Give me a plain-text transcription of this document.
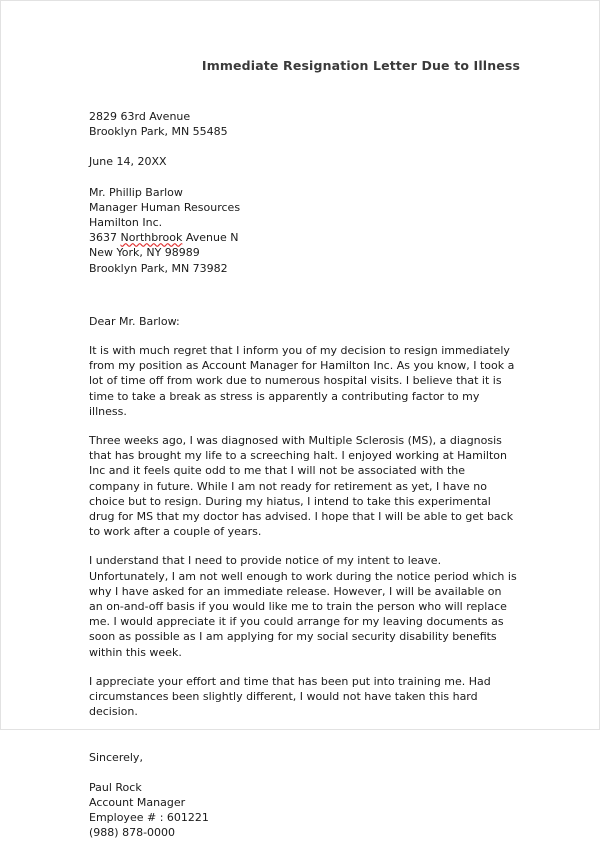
Immediate Resignation Letter Due to Illness
2829 63rd Avenue
Brooklyn Park, MN 55485
June 14, 20XX
Mr. Phillip Barlow
Manager Human Resources
Hamilton Inc.
3637 Northbrook Avenue N
New York, NY 98989
Brooklyn Park, MN 73982
Dear Mr. Barlow:

It is with much regret that I inform you of my decision to resign immediately from my position as Account Manager for Hamilton Inc. As you know, I took a lot of time off from work due to numerous hospital visits. I believe that it is time to take a break as stress is apparently a contributing factor to my illness.

Three weeks ago, I was diagnosed with Multiple Sclerosis (MS), a diagnosis that has brought my life to a screeching halt. I enjoyed working at Hamilton Inc and it feels quite odd to me that I will not be associated with the company in future. While I am not ready for retirement as yet, I have no choice but to resign. During my hiatus, I intend to take this experimental drug for MS that my doctor has advised. I hope that I will be able to get back to work after a couple of years.

I understand that I need to provide notice of my intent to leave. Unfortunately, I am not well enough to work during the notice period which is why I have asked for an immediate release. However, I will be available on an on-and-off basis if you would like me to train the person who will replace me. I would appreciate it if you could arrange for my leaving documents as soon as possible as I am applying for my social security disability benefits within this week.

I appreciate your effort and time that has been put into training me. Had circumstances been slightly different, I would not have taken this hard decision.

Sincerely,
Paul Rock
Account Manager
Employee # : 601221
(988) 878-0000
